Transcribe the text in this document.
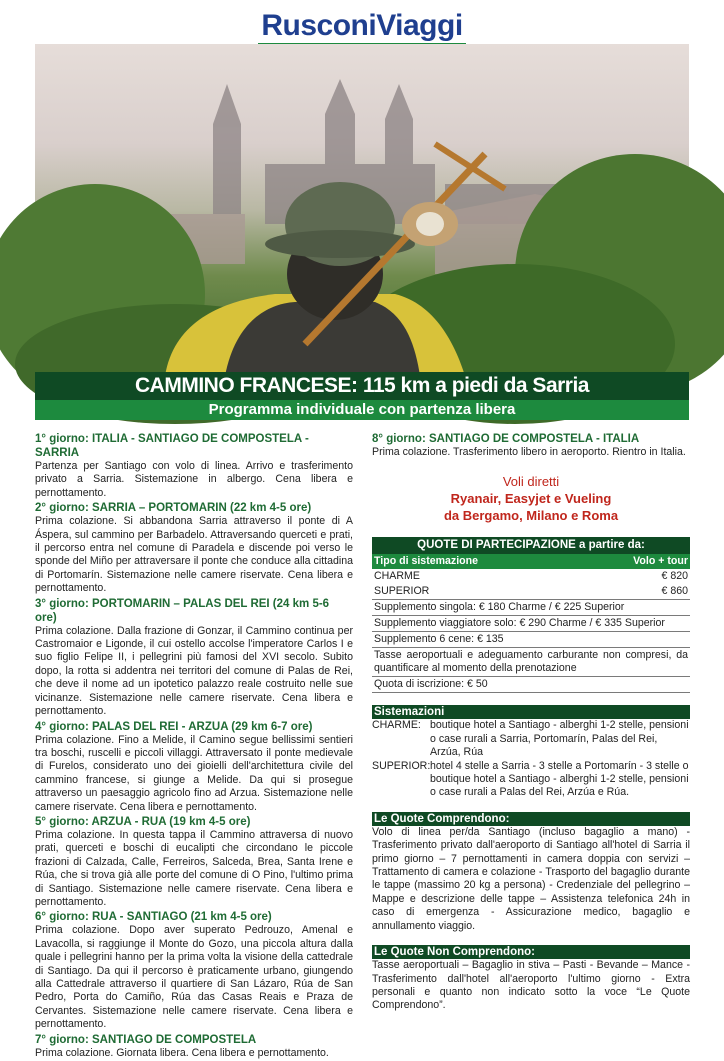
RusconiViaggi
CAMMINO FRANCESE: 115 km a piedi da Sarria
Programma individuale con partenza libera
1° giorno: ITALIA - SANTIAGO DE COMPOSTELA - SARRIA

Partenza per Santiago con volo di linea. Arrivo e trasferimento privato a Sarria. Sistemazione in albergo. Cena libera e pernottamento.

2° giorno: SARRIA – PORTOMARIN (22 km 4-5 ore)

Prima colazione. Si abbandona Sarria attraverso il ponte di A Áspera, sul cammino per Barbadelo. Attraversando querceti e prati, il percorso entra nel comune di Paradela e discende poi verso le sponde del Miño per attraversare il ponte che conduce alla cittadina di Portomarín. Sistemazione nelle camere riservate. Cena libera e pernottamento.

3° giorno: PORTOMARIN – PALAS DEL REI (24 km 5-6 ore)

Prima colazione. Dalla frazione di Gonzar, il Cammino continua per Castromaior e Ligonde, il cui ostello accolse l'imperatore Carlos I e suo figlio Felipe II, i pellegrini più famosi del XVI secolo. Subito dopo, la rotta si addentra nei territori del comune di Palas de Rei, che deve il nome ad un ipotetico palazzo reale costruito nelle sue vicinanze. Sistemazione nelle camere riservate. Cena libera e pernottamento.

4° giorno: PALAS DEL REI - ARZUA (29 km 6-7 ore)

Prima colazione. Fino a Melide, il Camino segue bellissimi sentieri tra boschi, ruscelli e piccoli villaggi. Attraversato il ponte medievale di Furelos, considerato uno dei gioielli dell'architettura civile del cammino francese, si giunge a Melide. Da qui si prosegue attraverso un paesaggio agricolo fino ad Arzua. Sistemazione nelle camere riservate. Cena libera e pernottamento.

5° giorno: ARZUA - RUA (19 km 4-5 ore)

Prima colazione. In questa tappa il Cammino attraversa di nuovo prati, querceti e boschi di eucalipti che circondano le piccole frazioni di Calzada, Calle, Ferreiros, Salceda, Brea, Santa Irene e Rúa, che si trova già alle porte del comune di O Pino, l'ultimo prima di Santiago. Sistemazione nelle camere riservate. Cena libera e pernottamento.

6° giorno: RUA - SANTIAGO (21 km 4-5 ore)

Prima colazione. Dopo aver superato Pedrouzo, Amenal e Lavacolla, si raggiunge il Monte do Gozo, una piccola altura dalla quale i pellegrini hanno per la prima volta la visione della cattedrale di Santiago. Da qui il percorso è praticamente urbano, giungendo alla Cattedrale attraverso il quartiere di San Lázaro, Rúa de San Pedro, Porta do Camiño, Rúa das Casas Reais e Praza de Cervantes. Sistemazione nelle camere riservate. Cena libera e pernottamento.

7° giorno: SANTIAGO DE COMPOSTELA

Prima colazione. Giornata libera. Cena libera e pernottamento.

8° giorno: SANTIAGO DE COMPOSTELA - ITALIA

Prima colazione. Trasferimento libero in aeroporto. Rientro in Italia.

Voli diretti
Ryanair, Easyjet e Vueling
da Bergamo, Milano e Roma
QUOTE DI PARTECIPAZIONE a partire da:	
Tipo di sistemazione	Volo + tour
CHARME	€ 820
SUPERIOR	€ 860
Supplemento singola: € 180 Charme / € 225 Superior	
Supplemento viaggiatore solo: € 290 Charme / € 335 Superior	
Supplemento 6 cene: € 135	
Tasse aeroportuali e adeguamento carburante non compresi, da quantificare al momento della prenotazione	
Quota di iscrizione: € 50	
Sistemazioni
CHARME: boutique hotel a Santiago - alberghi 1-2 stelle, pensioni o case rurali a Sarria, Portomarín, Palas del Rei, Arzúa, Rúa
SUPERIOR: hotel 4 stelle a Sarria - 3 stelle a Portomarín - 3 stelle o boutique hotel a Santiago - alberghi 1-2 stelle, pensioni o case rurali a Palas del Rei, Arzúa e Rúa.
Le Quote Comprendono:
Volo di linea per/da Santiago (incluso bagaglio a mano) - Trasferimento privato dall'aeroporto di Santiago all'hotel di Sarria il primo giorno – 7 pernottamenti in camera doppia con servizi – Trattamento di camera e colazione - Trasporto del bagaglio durante le tappe (massimo 20 kg a persona) - Credenziale del pellegrino – Mappe e descrizione delle tappe – Assistenza telefonica 24h in caso di emergenza - Assicurazione medico, bagaglio e annullamento viaggio.
Le Quote Non Comprendono:
Tasse aeroportuali – Bagaglio in stiva – Pasti - Bevande – Mance - Trasferimento dall'hotel all'aeroporto l'ultimo giorno - Extra personali e quanto non indicato sotto la voce “Le Quote Comprendono”.
